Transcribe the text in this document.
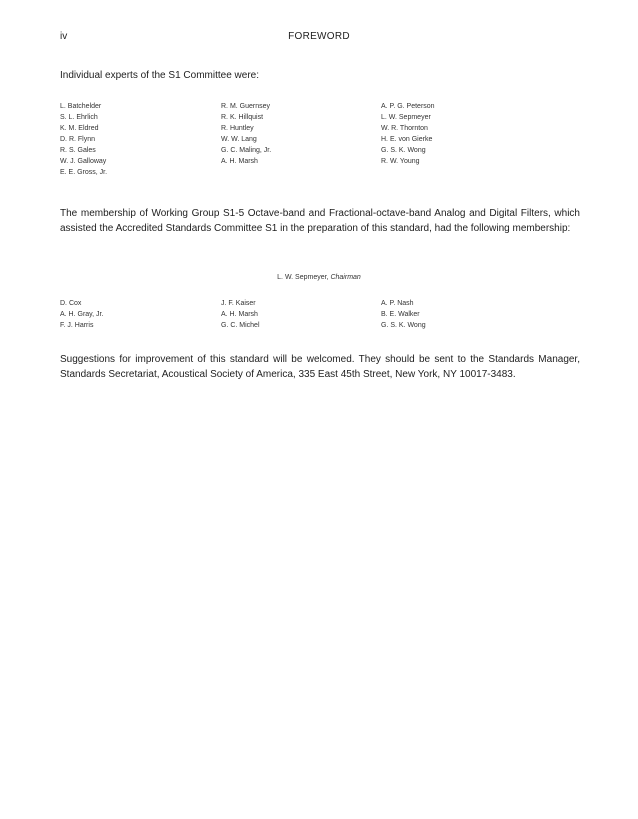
iv	FOREWORD
Individual experts of the S1 Committee were:
L. Batchelder
S. L. Ehrlich
K. M. Eldred
D. R. Flynn
R. S. Gales
W. J. Galloway
E. E. Gross, Jr.
R. M. Guernsey
R. K. Hillquist
R. Huntley
W. W. Lang
G. C. Maling, Jr.
A. H. Marsh
A. P. G. Peterson
L. W. Sepmeyer
W. R. Thornton
H. E. von Gierke
G. S. K. Wong
R. W. Young
The membership of Working Group S1-5 Octave-band and Fractional-octave-band Analog and Digital Filters, which assisted the Accredited Standards Committee S1 in the preparation of this standard, had the following membership:
L. W. Sepmeyer, Chairman
D. Cox
A. H. Gray, Jr.
F. J. Harris
J. F. Kaiser
A. H. Marsh
G. C. Michel
A. P. Nash
B. E. Walker
G. S. K. Wong
Suggestions for improvement of this standard will be welcomed. They should be sent to the Standards Manager, Standards Secretariat, Acoustical Society of America, 335 East 45th Street, New York, NY 10017-3483.
